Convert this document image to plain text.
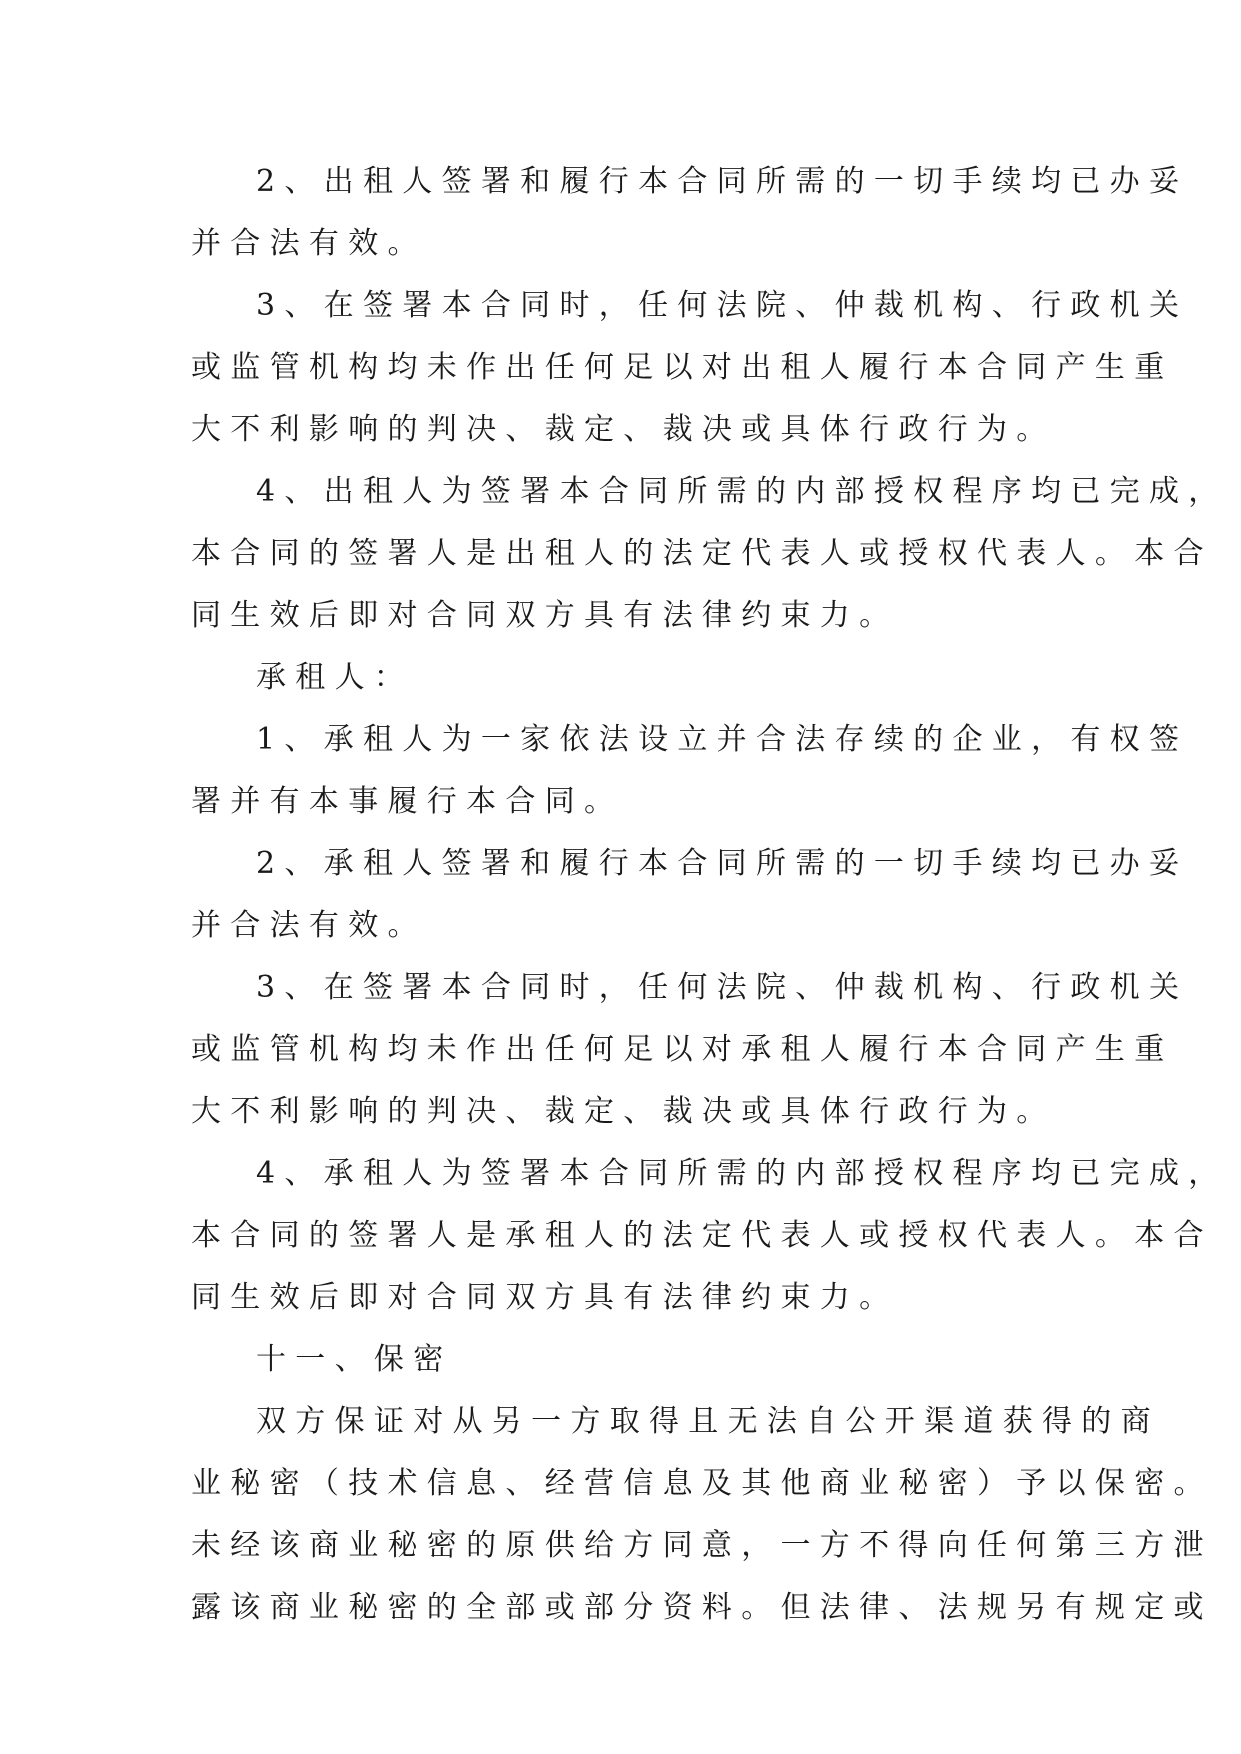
2、出租人签署和履行本合同所需的一切手续均已办妥
并合法有效。
3、在签署本合同时，任何法院、仲裁机构、行政机关
或监管机构均未作出任何足以对出租人履行本合同产生重
大不利影响的判决、裁定、裁决或具体行政行为。
4、出租人为签署本合同所需的内部授权程序均已完成，
本合同的签署人是出租人的法定代表人或授权代表人。本合
同生效后即对合同双方具有法律约束力。
承租人：
1、承租人为一家依法设立并合法存续的企业，有权签
署并有本事履行本合同。
2、承租人签署和履行本合同所需的一切手续均已办妥
并合法有效。
3、在签署本合同时，任何法院、仲裁机构、行政机关
或监管机构均未作出任何足以对承租人履行本合同产生重
大不利影响的判决、裁定、裁决或具体行政行为。
4、承租人为签署本合同所需的内部授权程序均已完成，
本合同的签署人是承租人的法定代表人或授权代表人。本合
同生效后即对合同双方具有法律约束力。
十一、保密
双方保证对从另一方取得且无法自公开渠道获得的商
业秘密（技术信息、经营信息及其他商业秘密）予以保密。
未经该商业秘密的原供给方同意，一方不得向任何第三方泄
露该商业秘密的全部或部分资料。但法律、法规另有规定或
